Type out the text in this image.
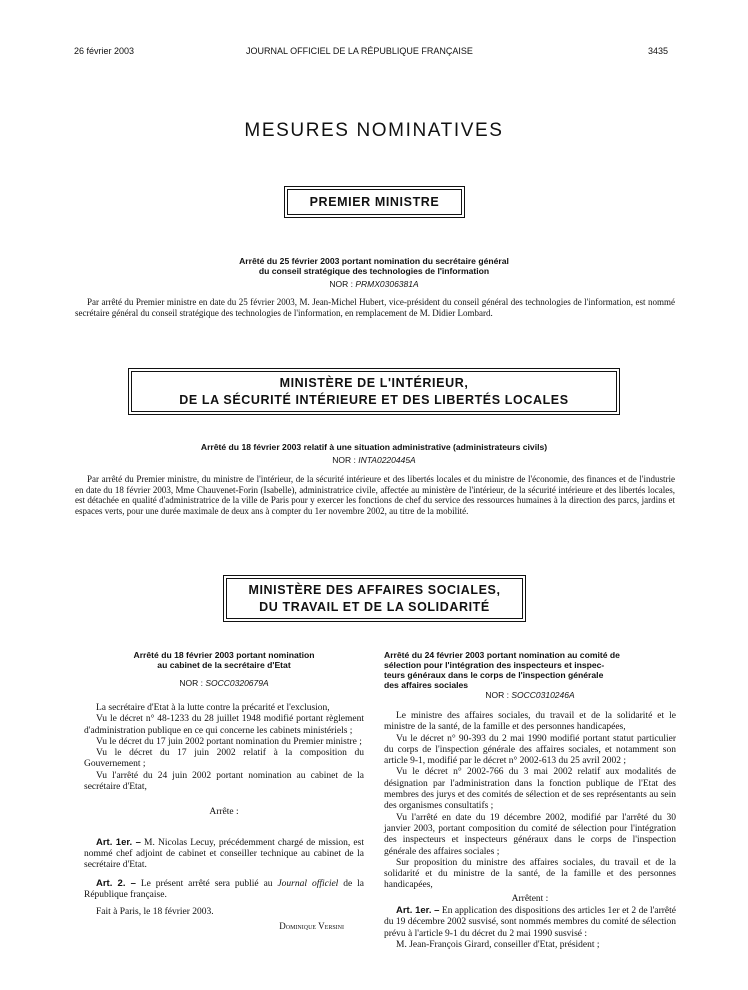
26 février 2003	JOURNAL OFFICIEL DE LA RÉPUBLIQUE FRANÇAISE	3435
MESURES NOMINATIVES
PREMIER MINISTRE
Arrêté du 25 février 2003 portant nomination du secrétaire général
du conseil stratégique des technologies de l'information
NOR : PRMX0306381A

Par arrêté du Premier ministre en date du 25 février 2003, M. Jean-Michel Hubert, vice-président du conseil général des technologies de l'information, est nommé secrétaire général du conseil stratégique des technologies de l'information, en remplacement de M. Didier Lombard.

MINISTÈRE DE L'INTÉRIEUR,
DE LA SÉCURITÉ INTÉRIEURE ET DES LIBERTÉS LOCALES
Arrêté du 18 février 2003 relatif à une situation administrative (administrateurs civils)
NOR : INTA0220445A

Par arrêté du Premier ministre, du ministre de l'intérieur, de la sécurité intérieure et des libertés locales et du ministre de l'économie, des finances et de l'industrie en date du 18 février 2003, Mme Chauvenet-Forin (Isabelle), administratrice civile, affectée au ministère de l'intérieur, de la sécurité intérieure et des libertés locales, est détachée en qualité d'administratrice de la ville de Paris pour y exercer les fonctions de chef du service des ressources humaines à la direction des parcs, jardins et espaces verts, pour une durée maximale de deux ans à compter du 1er novembre 2002, au titre de la mobilité.

MINISTÈRE DES AFFAIRES SOCIALES,
DU TRAVAIL ET DE LA SOLIDARITÉ
Arrêté du 18 février 2003 portant nomination
au cabinet de la secrétaire d'Etat
NOR : SOCC0320679A

La secrétaire d'Etat à la lutte contre la précarité et l'exclusion,

Vu le décret n° 48-1233 du 28 juillet 1948 modifié portant règlement d'administration publique en ce qui concerne les cabinets ministériels ;

Vu le décret du 17 juin 2002 portant nomination du Premier ministre ;

Vu le décret du 17 juin 2002 relatif à la composition du Gouvernement ;

Vu l'arrêté du 24 juin 2002 portant nomination au cabinet de la secrétaire d'Etat,

Arrête :

Art. 1er. – M. Nicolas Lecuy, précédemment chargé de mission, est nommé chef adjoint de cabinet et conseiller technique au cabinet de la secrétaire d'Etat.

Art. 2. – Le présent arrêté sera publié au Journal officiel de la République française.

Fait à Paris, le 18 février 2003.

Dominique Versini
Arrêté du 24 février 2003 portant nomination au comité de
sélection pour l'intégration des inspecteurs et inspec-
teurs généraux dans le corps de l'inspection générale
des affaires sociales
NOR : SOCC0310246A

Le ministre des affaires sociales, du travail et de la solidarité et le ministre de la santé, de la famille et des personnes handicapées,

Vu le décret n° 90-393 du 2 mai 1990 modifié portant statut particulier du corps de l'inspection générale des affaires sociales, et notamment son article 9-1, modifié par le décret n° 2002-613 du 25 avril 2002 ;

Vu le décret n° 2002-766 du 3 mai 2002 relatif aux modalités de désignation par l'administration dans la fonction publique de l'Etat des membres des jurys et des comités de sélection et de ses représentants au sein des organismes consultatifs ;

Vu l'arrêté en date du 19 décembre 2002, modifié par l'arrêté du 30 janvier 2003, portant composition du comité de sélection pour l'intégration des inspecteurs et inspecteurs généraux dans le corps de l'inspection générale des affaires sociales ;

Sur proposition du ministre des affaires sociales, du travail et de la solidarité et du ministre de la santé, de la famille et des personnes handicapées,

Arrêtent :

Art. 1er. – En application des dispositions des articles 1er et 2 de l'arrêté du 19 décembre 2002 susvisé, sont nommés membres du comité de sélection prévu à l'article 9-1 du décret du 2 mai 1990 susvisé :

M. Jean-François Girard, conseiller d'Etat, président ;
